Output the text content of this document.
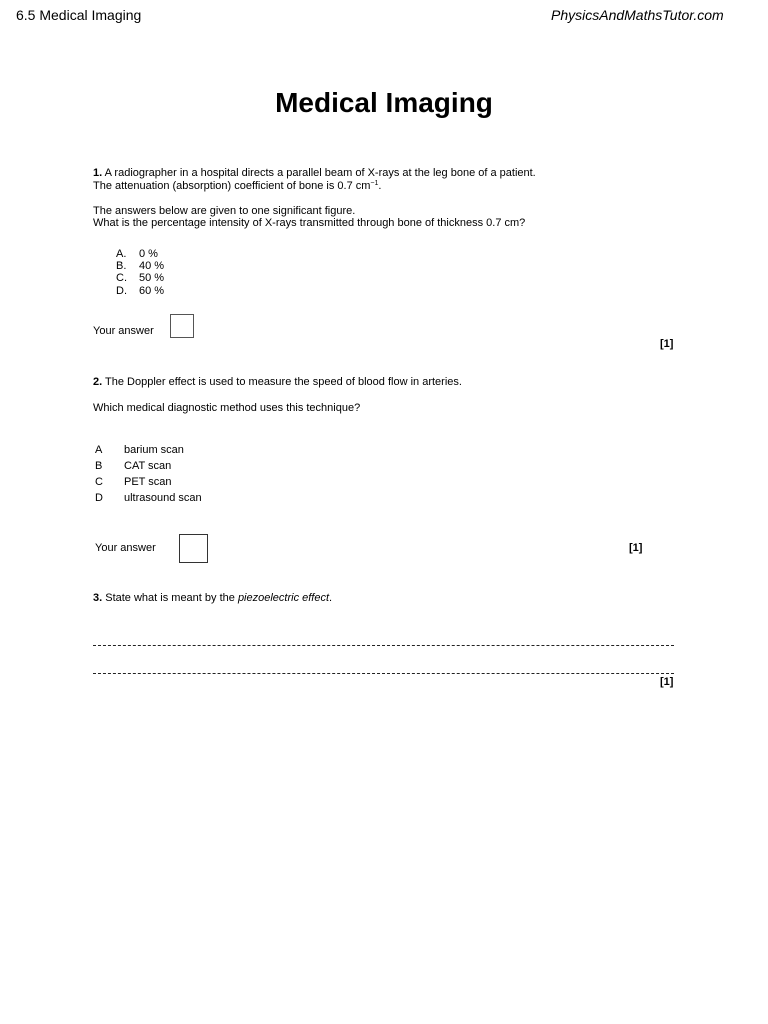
6.5 Medical Imaging	PhysicsAndMathsTutor.com
Medical Imaging
1. A radiographer in a hospital directs a parallel beam of X-rays at the leg bone of a patient.
The attenuation (absorption) coefficient of bone is 0.7 $cm^{-1}$.
The answers below are given to one significant figure.
What is the percentage intensity of X-rays transmitted through bone of thickness 0.7 cm?
A. 0 %
B. 40 %
C. 50 %
D. 60 %
Your answer
[1]
2. The Doppler effect is used to measure the speed of blood flow in arteries.
Which medical diagnostic method uses this technique?
A barium scan
B CAT scan
C PET scan
D ultrasound scan
Your answer	[1]
3. State what is meant by the piezoelectric effect.
[1]
